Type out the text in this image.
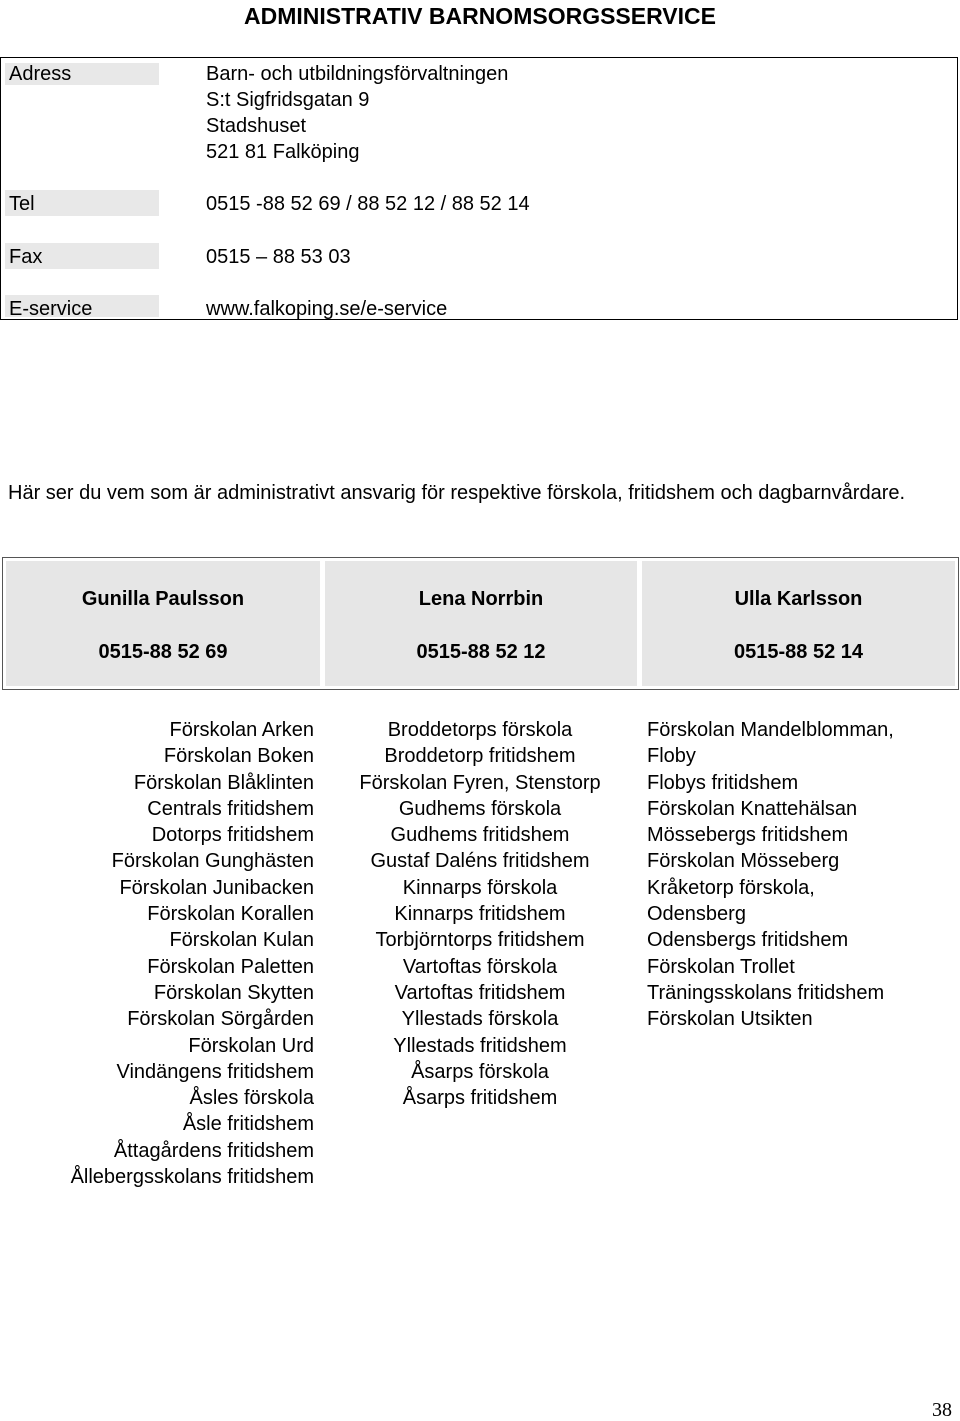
ADMINISTRATIV BARNOMSORGSSERVICE
Adress	Barn- och utbildningsförvaltningen
S:t Sigfridsgatan 9
Stadshuset
521 81 Falköping
Tel	0515 -88 52 69 / 88 52 12 / 88 52 14
Fax	0515 – 88 53 03
E-service	www.falkoping.se/e-service
Här ser du vem som är administrativt ansvarig för respektive förskola, fritidshem och dagbarnvårdare.
Gunilla Paulsson
0515-88 52 69
Lena Norrbin
0515-88 52 12
Ulla Karlsson
0515-88 52 14
Förskolan Arken
Förskolan Boken
Förskolan Blåklinten
Centrals fritidshem
Dotorps fritidshem
Förskolan Gunghästen
Förskolan Junibacken
Förskolan Korallen
Förskolan Kulan
Förskolan Paletten
Förskolan Skytten
Förskolan Sörgården
Förskolan Urd
Vindängens fritidshem
Åsles förskola
Åsle fritidshem
Åttagårdens fritidshem
Ållebergsskolans fritidshem
Broddetorps förskola
Broddetorp fritidshem
Förskolan Fyren, Stenstorp
Gudhems förskola
Gudhems fritidshem
Gustaf Daléns fritidshem
Kinnarps förskola
Kinnarps fritidshem
Torbjörntorps fritidshem
Vartoftas förskola
Vartoftas fritidshem
Yllestads förskola
Yllestads fritidshem
Åsarps förskola
Åsarps fritidshem
Förskolan Mandelblomman,
Floby
Flobys fritidshem
Förskolan Knattehälsan
Mössebergs fritidshem
Förskolan Mösseberg
Kråketorp förskola,
Odensberg
Odensbergs fritidshem
Förskolan Trollet
Träningsskolans fritidshem
Förskolan Utsikten
38
